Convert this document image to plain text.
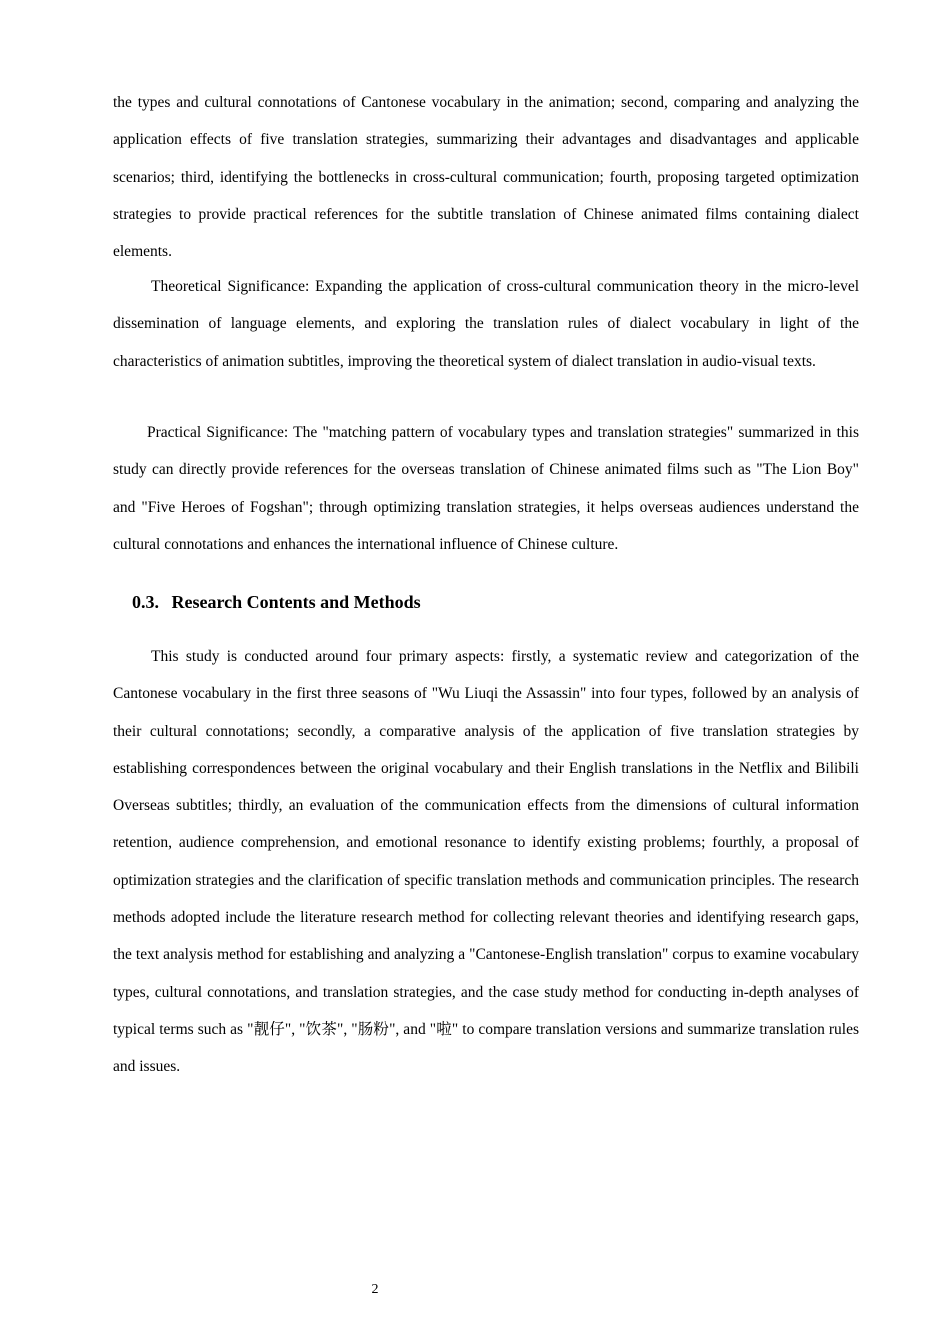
the types and cultural connotations of Cantonese vocabulary in the animation; second, comparing and analyzing the application effects of five translation strategies, summarizing their advantages and disadvantages and applicable scenarios; third, identifying the bottlenecks in cross-cultural communication; fourth, proposing targeted optimization strategies to provide practical references for the subtitle translation of Chinese animated films containing dialect elements.

Theoretical Significance: Expanding the application of cross-cultural communication theory in the micro-level dissemination of language elements, and exploring the translation rules of dialect vocabulary in light of the characteristics of animation subtitles, improving the theoretical system of dialect translation in audio-visual texts.

Practical Significance: The "matching pattern of vocabulary types and translation strategies" summarized in this study can directly provide references for the overseas translation of Chinese animated films such as "The Lion Boy" and "Five Heroes of Fogshan"; through optimizing translation strategies, it helps overseas audiences understand the cultural connotations and enhances the international influence of Chinese culture.

0.3. Research Contents and Methods

This study is conducted around four primary aspects: firstly, a systematic review and categorization of the Cantonese vocabulary in the first three seasons of "Wu Liuqi the Assassin" into four types, followed by an analysis of their cultural connotations; secondly, a comparative analysis of the application of five translation strategies by establishing correspondences between the original vocabulary and their English translations in the Netflix and Bilibili Overseas subtitles; thirdly, an evaluation of the communication effects from the dimensions of cultural information retention, audience comprehension, and emotional resonance to identify existing problems; fourthly, a proposal of optimization strategies and the clarification of specific translation methods and communication principles. The research methods adopted include the literature research method for collecting relevant theories and identifying research gaps, the text analysis method for establishing and analyzing a "Cantonese-English translation" corpus to examine vocabulary types, cultural connotations, and translation strategies, and the case study method for conducting in-depth analyses of typical terms such as "靓仔", "饮茶", "肠粉", and "啦" to compare translation versions and summarize translation rules and issues.

2
